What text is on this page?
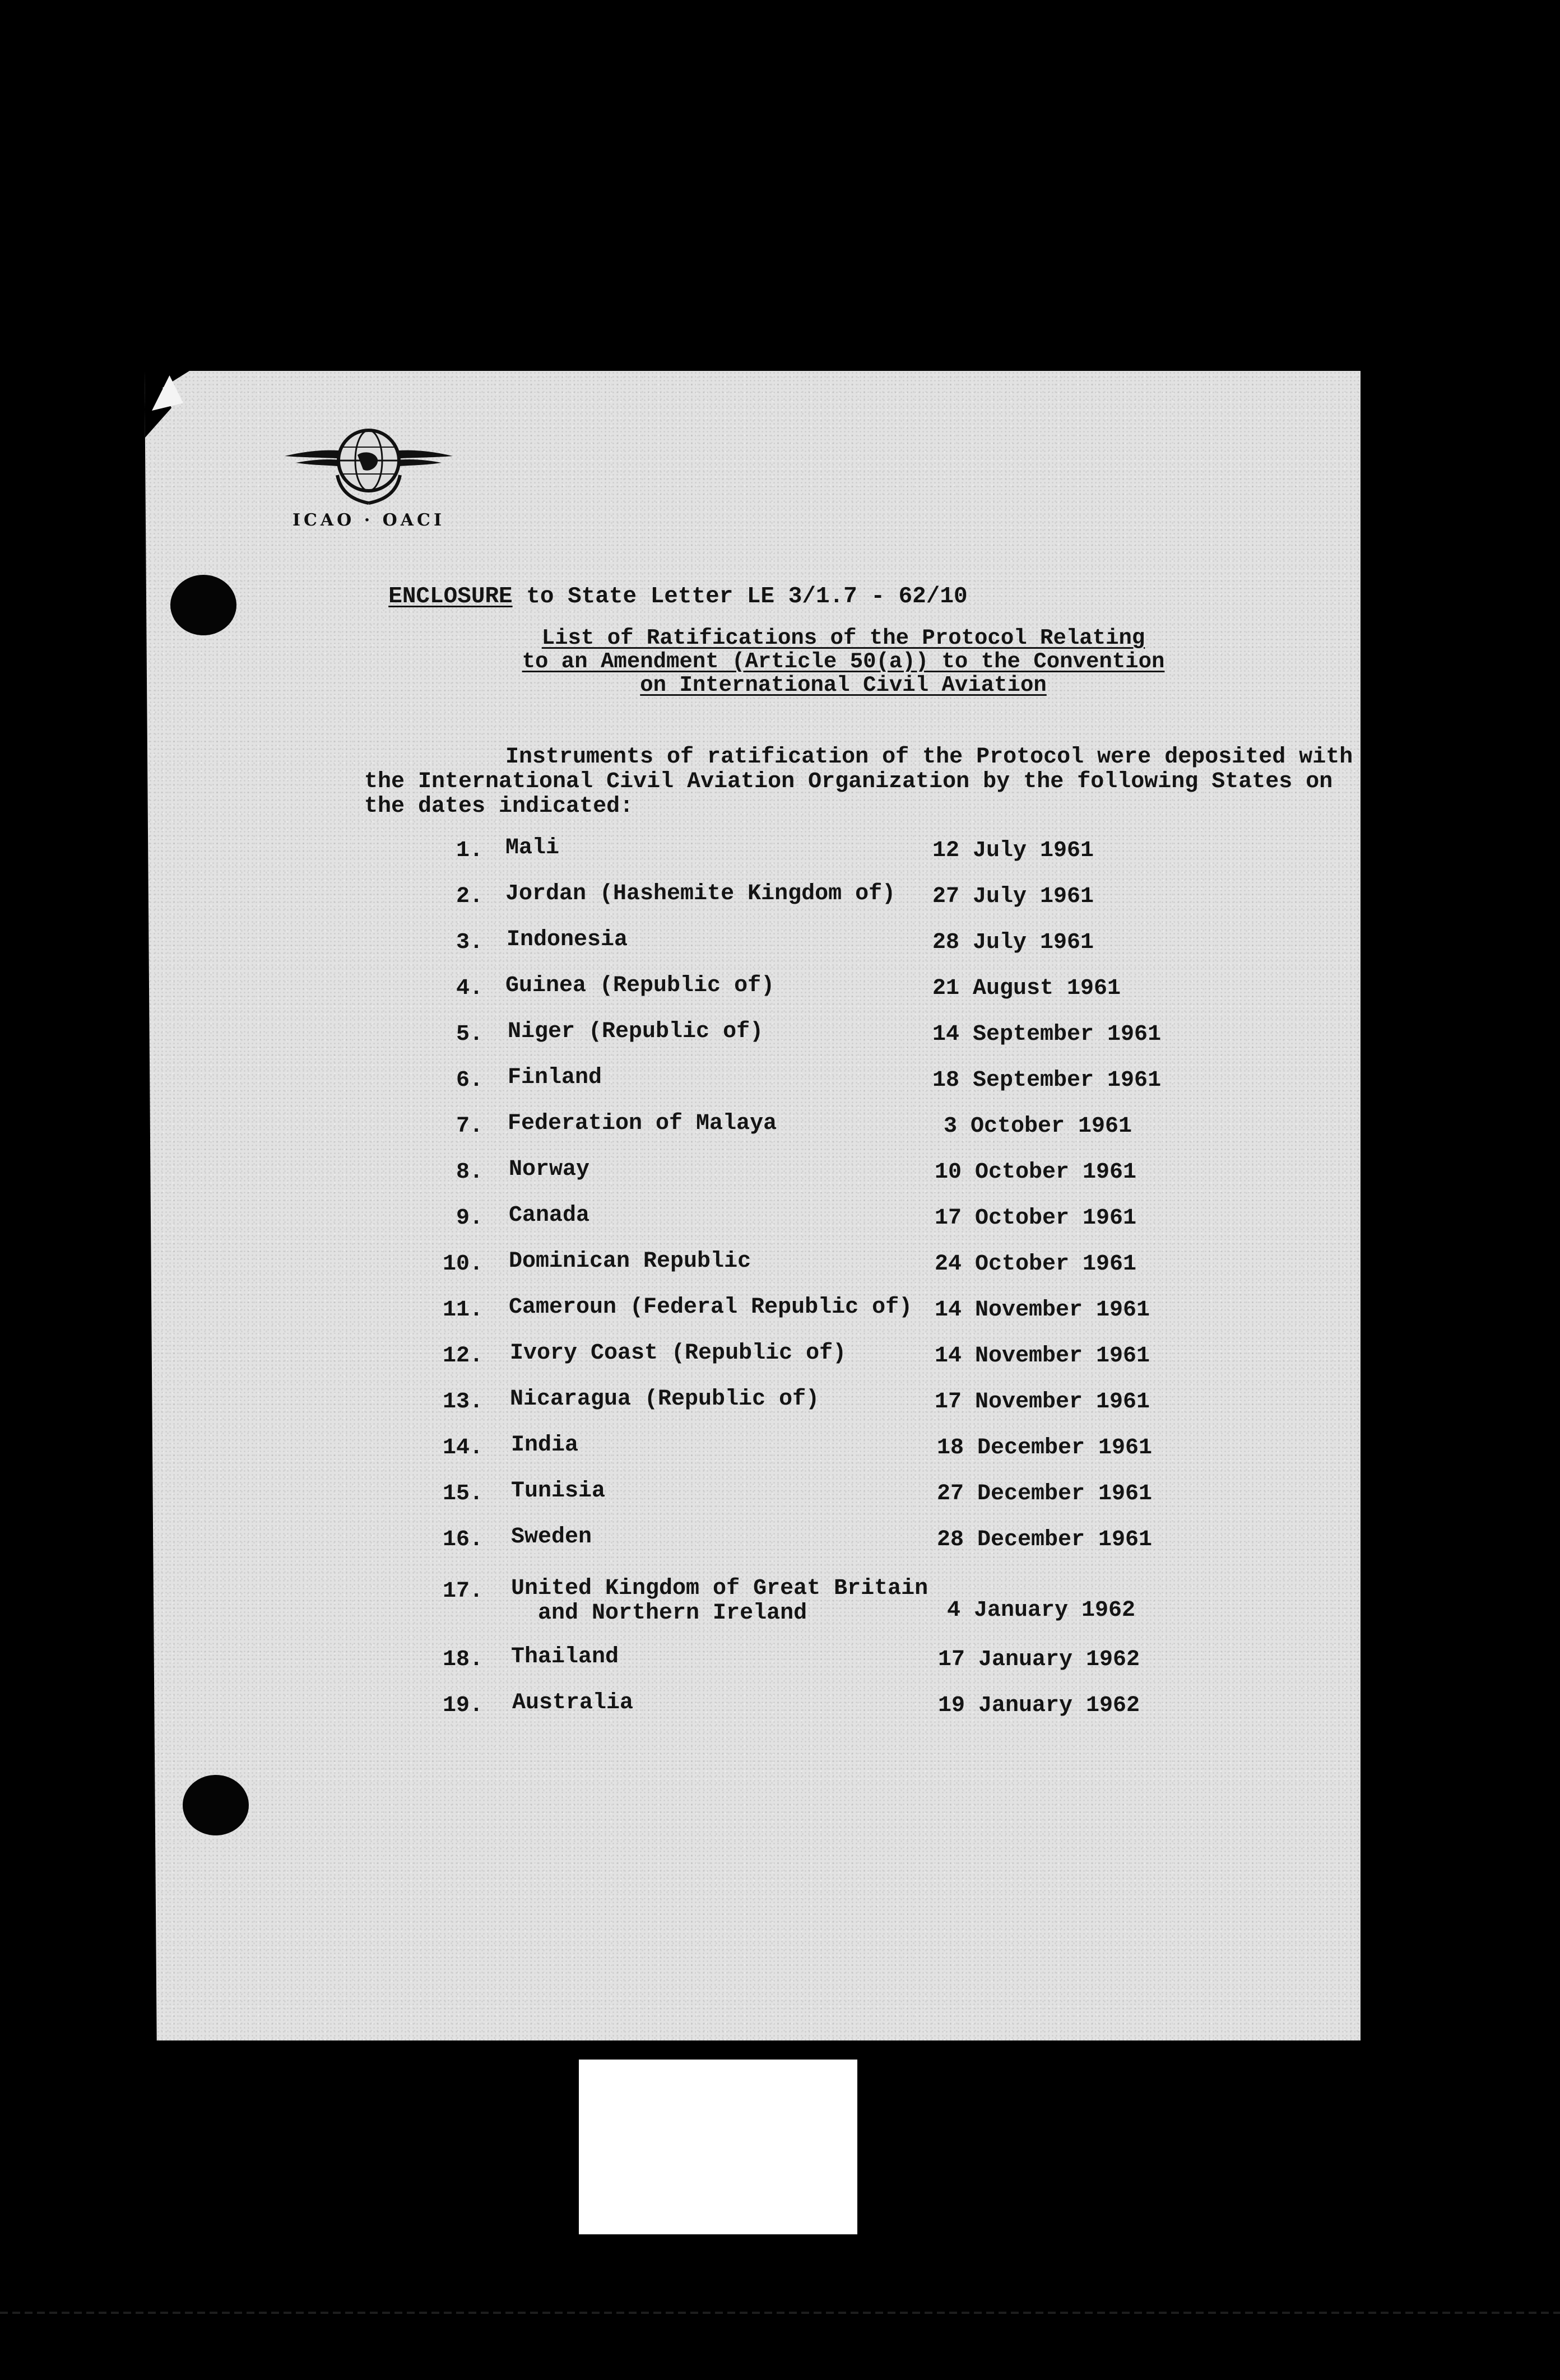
ICAO · OACI

ENCLOSURE to State Letter LE 3/1.7 - 62/10

List of Ratifications of the Protocol Relating
to an Amendment (Article 50(a)) to the Convention
on International Civil Aviation
Instruments of ratification of the Protocol were deposited with
the International Civil Aviation Organization by the following States on
the dates indicated:
1. Mali	12 July 1961
2. Jordan (Hashemite Kingdom of) 27 July 1961
3. Indonesia	28 July 1961
4. Guinea (Republic of)	21 August 1961
5. Niger (Republic of)	14 September 1961
6. Finland	18 September 1961
7. Federation of Malaya	3 October 1961
8. Norway	10 October 1961
9. Canada	17 October 1961
10. Dominican Republic	24 October 1961
11. Cameroun (Federal Republic of) 14 November 1961
12. Ivory Coast (Republic of)	14 November 1961
13. Nicaragua (Republic of)	17 November 1961
14. India	18 December 1961
15. Tunisia	27 December 1961
16. Sweden	28 December 1961
17. United Kingdom of Great Britain
and Northern Ireland	4 January 1962
18. Thailand	17 January 1962
19. Australia	19 January 1962
